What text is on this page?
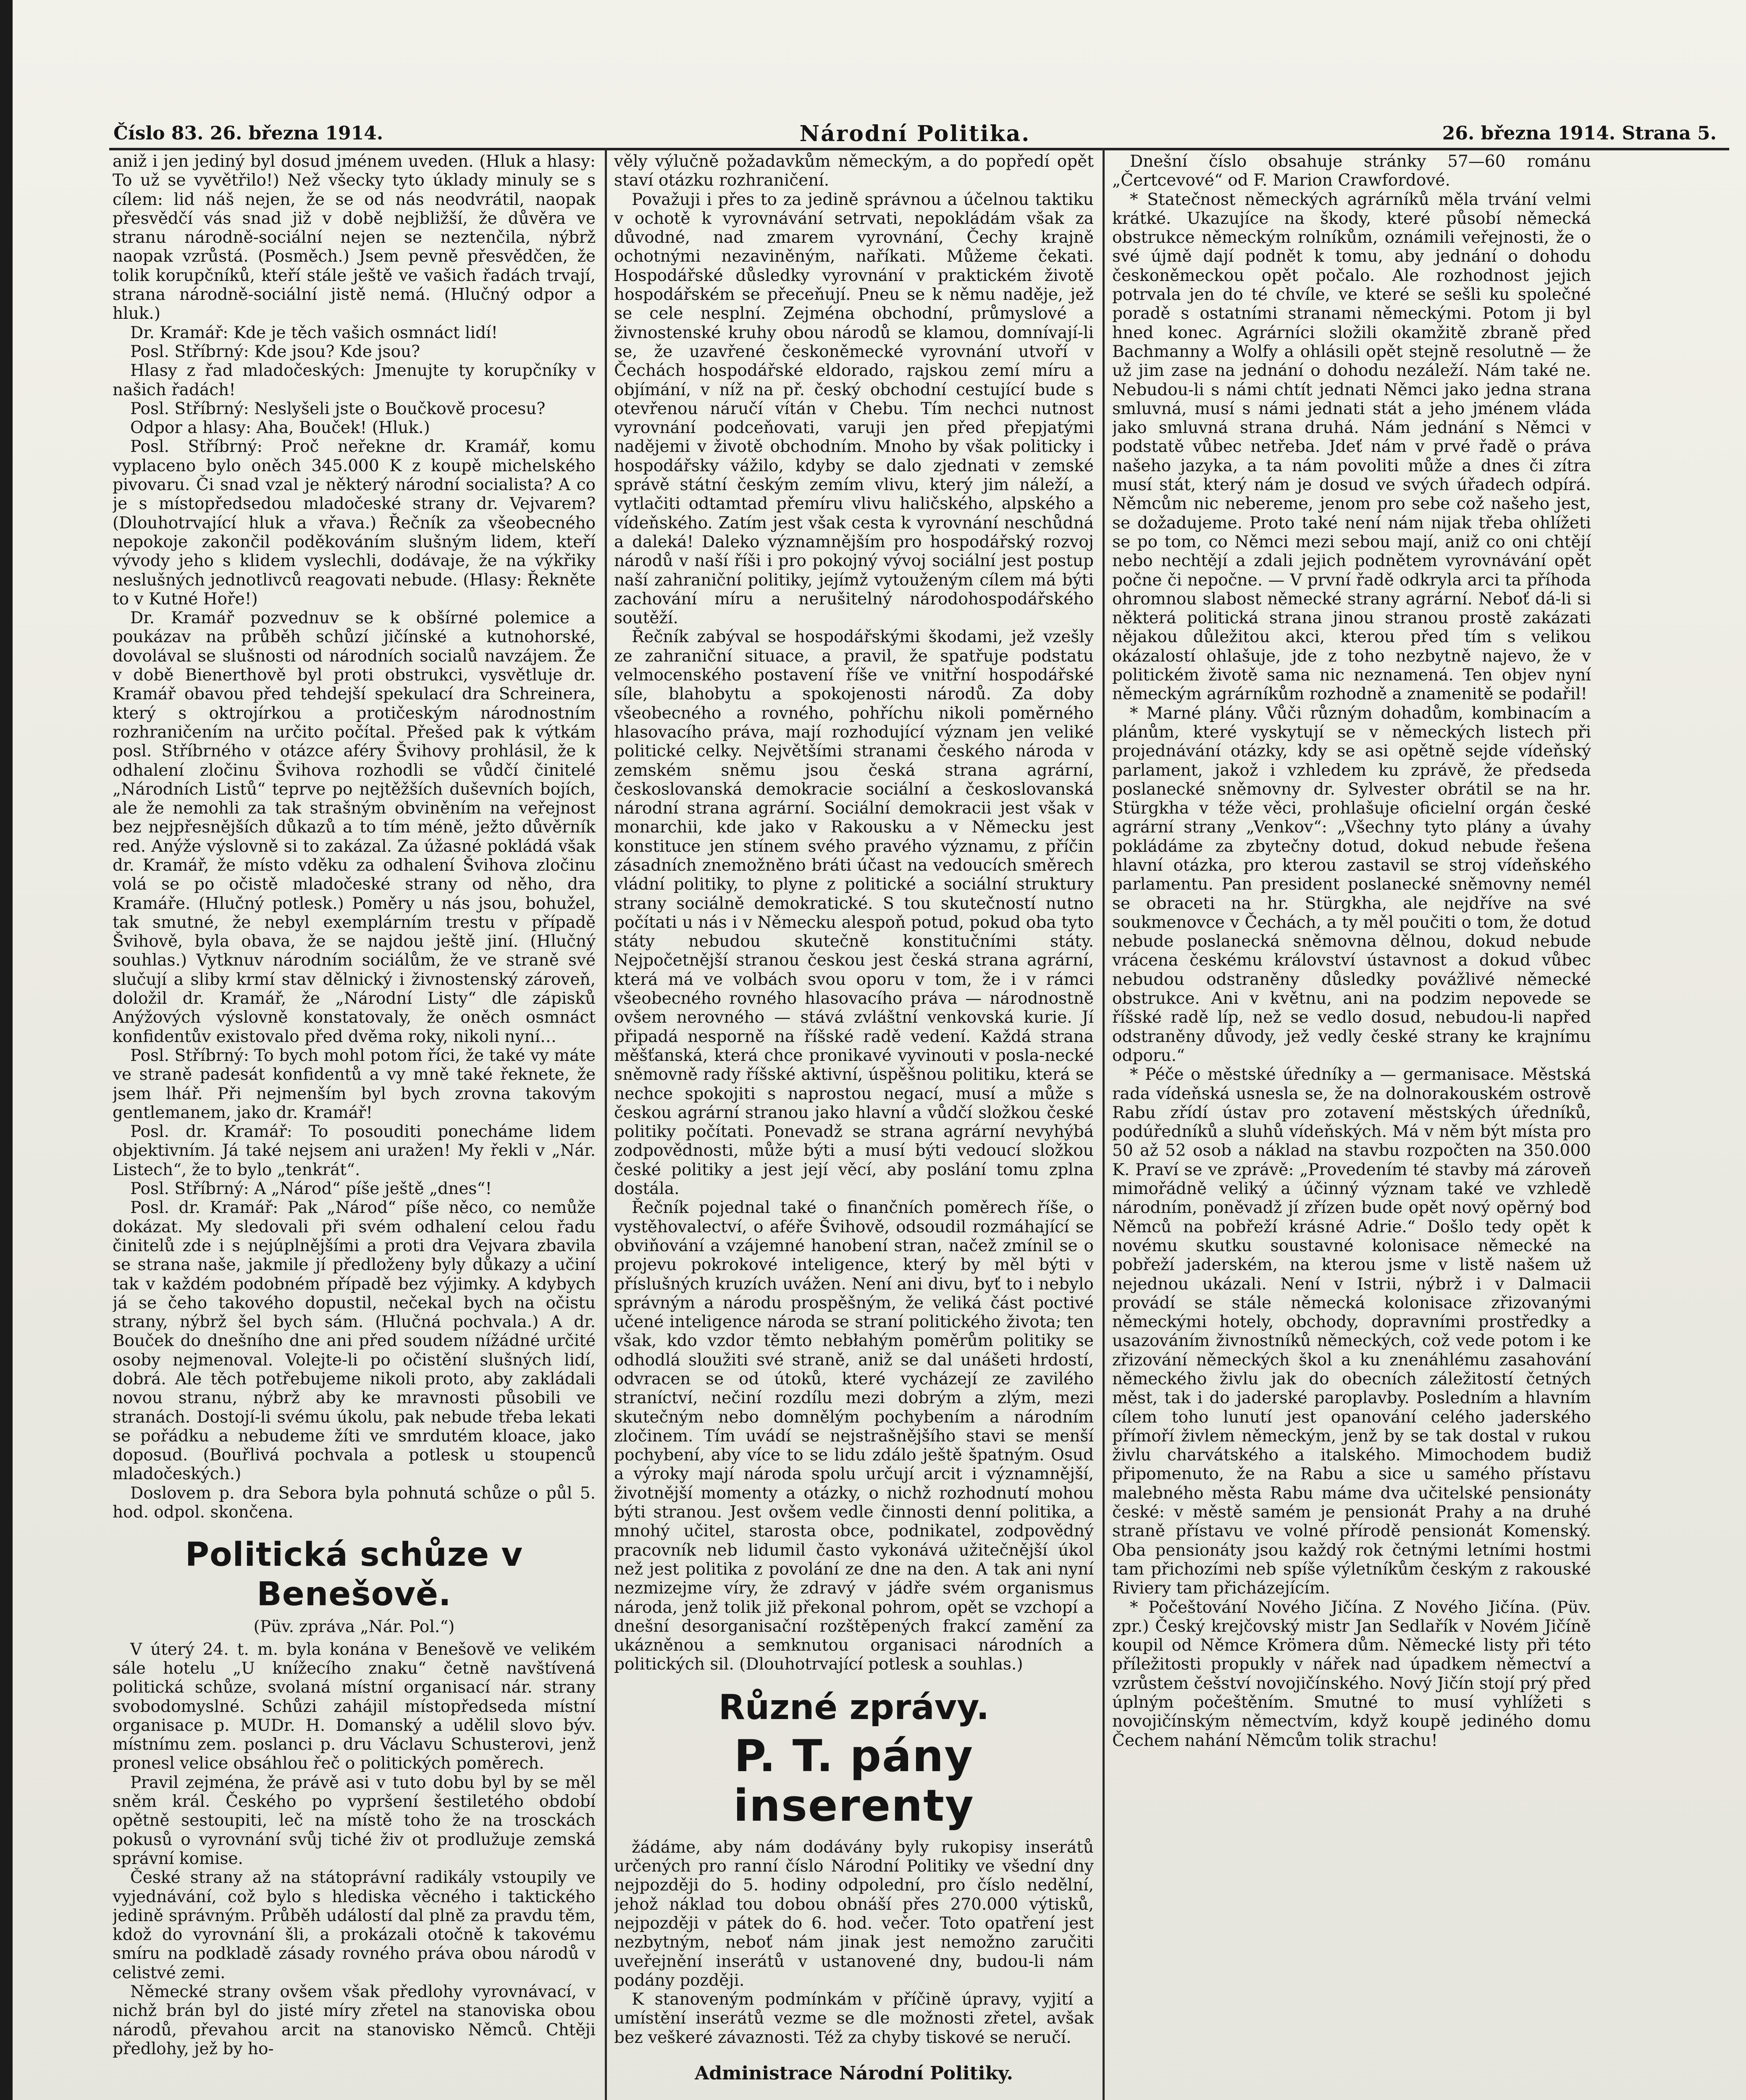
Číslo 83. 26. března 1914.	Národní Politika.	26. března 1914. Strana 5.

aniž i jen jediný byl dosud jménem uveden. (Hluk a hlasy: To už se vyvětřilo!) Než všecky tyto úklady minuly se s cílem: lid náš nejen, že se od nás neodvrátil, naopak přesvědčí vás snad již v době nejbližší, že důvěra ve stranu národně-sociální nejen se neztenčila, nýbrž naopak vzrůstá. (Posměch.) Jsem pevně přesvědčen, že tolik korupčníků, kteří stále ještě ve vašich řadách trvají, strana národně-sociální jistě nemá. (Hlučný odpor a hluk.)

Dr. Kramář: Kde je těch vašich osmnáct lidí!

Posl. Stříbrný: Kde jsou? Kde jsou?

Hlasy z řad mladočeských: Jmenujte ty korupčníky v našich řadách!

Posl. Stříbrný: Neslyšeli jste o Boučkově procesu?

Odpor a hlasy: Aha, Bouček! (Hluk.)

Posl. Stříbrný: Proč neřekne dr. Kramář, komu vyplaceno bylo oněch 345.000 K z koupě michelského pivovaru. Či snad vzal je některý národní socialista? A co je s místopředsedou mladočeské strany dr. Vejvarem? (Dlouhotrvající hluk a vřava.) Řečník za všeobecného nepokoje zakončil poděkováním slušným lidem, kteří vývody jeho s klidem vyslechli, dodávaje, že na výkřiky neslušných jednotlivců reagovati nebude. (Hlasy: Řekněte to v Kutné Hoře!)

Dr. Kramář pozvednuv se k obšírné polemice a poukázav na průběh schůzí jičínské a kutnohorské, dovolával se slušnosti od národních socialů navzájem. Že v době Bienerthově byl proti obstrukci, vysvětluje dr. Kramář obavou před tehdejší spekulací dra Schreinera, který s oktrojírkou a protičeským národnostním rozhraničením na určito počítal. Přešed pak k výtkám posl. Stříbrného v otázce aféry Švihovy prohlásil, že k odhalení zločinu Švihova rozhodli se vůdčí činitelé „Národních Listů“ teprve po nejtěžších duševních bojích, ale že nemohli za tak strašným obviněním na veřejnost bez nejpřesnějších důkazů a to tím méně, ježto důvěrník red. Anýže výslovně si to zakázal. Za úžasné pokládá však dr. Kramář, že místo vděku za odhalení Švihova zločinu volá se po očistě mladočeské strany od něho, dra Kramáře. (Hlučný potlesk.) Poměry u nás jsou, bohužel, tak smutné, že nebyl exemplárním trestu v případě Švihově, byla obava, že se najdou ještě jiní. (Hlučný souhlas.) Vytknuv národním sociálům, že ve straně své slučují a sliby krmí stav dělnický i živnostenský zároveň, doložil dr. Kramář, že „Národní Listy“ dle zápisků Anýžových výslovně konstatovaly, že oněch osmnáct konfidentův existovalo před dvěma roky, nikoli nyní…

Posl. Stříbrný: To bych mohl potom říci, že také vy máte ve straně padesát konfidentů a vy mně také řeknete, že jsem lhář. Při nejmenším byl bych zrovna takovým gentlemanem, jako dr. Kramář!

Posl. dr. Kramář: To posouditi ponecháme lidem objektivním. Já také nejsem ani uražen! My řekli v „Nár. Listech“, že to bylo „tenkrát“.

Posl. Stříbrný: A „Národ“ píše ještě „dnes“!

Posl. dr. Kramář: Pak „Národ“ píše něco, co nemůže dokázat. My sledovali při svém odhalení celou řadu činitelů zde i s nejúplnějšími a proti dra Vejvara zbavila se strana naše, jakmile jí předloženy byly důkazy a učiní tak v každém podobném případě bez výjimky. A kdybych já se čeho takového dopustil, nečekal bych na očistu strany, nýbrž šel bych sám. (Hlučná pochvala.) A dr. Bouček do dnešního dne ani před soudem nížádné určité osoby nejmenoval. Volejte-li po očistění slušných lidí, dobrá. Ale těch potřebujeme nikoli proto, aby zakládali novou stranu, nýbrž aby ke mravnosti působili ve stranách. Dostojí-li svému úkolu, pak nebude třeba lekati se pořádku a nebudeme žíti ve smrdutém kloace, jako doposud. (Bouřlivá pochvala a potlesk u stoupenců mladočeských.)

Doslovem p. dra Sebora byla pohnutá schůze o půl 5. hod. odpol. skončena.

Politická schůze v Benešově.
(Püv. zpráva „Nár. Pol.“)

V úterý 24. t. m. byla konána v Benešově ve velikém sále hotelu „U knížecího znaku“ četně navštívená politická schůze, svolaná místní organisací nár. strany svobodomyslné. Schůzi zahájil místopředseda místní organisace p. MUDr. H. Domanský a udělil slovo býv. místnímu zem. poslanci p. dru Václavu Schusterovi, jenž pronesl velice obsáhlou řeč o politických poměrech.

Pravil zejména, že právě asi v tuto dobu byl by se měl sněm král. Českého po vypršení šestiletého období opětně sestoupiti, leč na místě toho že na trosckách pokusů o vyrovnání svůj tiché živ ot prodlužuje zemská správní komise.

České strany až na státoprávní radikály vstoupily ve vyjednávání, což bylo s hlediska věcného i taktického jedině správným. Průběh událostí dal plně za pravdu těm, kdož do vyrovnání šli, a prokázali otočně k takovému smíru na podkladě zásady rovného práva obou národů v celistvé zemi.

Německé strany ovšem však předlohy vyrovnávací, v nichž brán byl do jisté míry zřetel na stanoviska obou národů, převahou arcit na stanovisko Němců. Chtěji předlohy, jež by ho-

věly výlučně požadavkům německým, a do popředí opět staví otázku rozhraničení.

Považuji i přes to za jedině správnou a účelnou taktiku v ochotě k vyrovnávání setrvati, nepokládám však za důvodné, nad zmarem vyrovnání, Čechy krajně ochotnými nezaviněným, naříkati. Můžeme čekati. Hospodářské důsledky vyrovnání v praktickém životě hospodářském se přeceňují. Pneu se k němu naděje, jež se cele nesplní. Zejména obchodní, průmyslové a živnostenské kruhy obou národů se klamou, domnívají-li se, že uzavřené českoněmecké vyrovnání utvoří v Čechách hospodářské eldorado, rajskou zemí míru a objímání, v níž na př. český obchodní cestující bude s otevřenou náručí vítán v Chebu. Tím nechci nutnost vyrovnání podceňovati, varuji jen před přepjatými nadějemi v životě obchodním. Mnoho by však politicky i hospodářsky vážilo, kdyby se dalo zjednati v zemské správě státní českým zemím vlivu, který jim náleží, a vytlačiti odtamtad přemíru vlivu haličského, alpského a vídeňského. Zatím jest však cesta k vyrovnání neschůdná a daleká! Daleko významnějším pro hospodářský rozvoj národů v naší říši i pro pokojný vývoj sociální jest postup naší zahraniční politiky, jejímž vytouženým cílem má býti zachování míru a nerušitelný národohospodářského soutěží.

Řečník zabýval se hospodářskými škodami, jež vzešly ze zahraniční situace, a pravil, že spatřuje podstatu velmocenského postavení říše ve vnitřní hospodářské síle, blahobytu a spokojenosti národů. Za doby všeobecného a rovného, pohříchu nikoli poměrného hlasovacího práva, mají rozhodující význam jen veliké politické celky. Největšími stranami českého národa v zemském sněmu jsou česká strana agrární, českoslovanská demokracie sociální a českoslovanská národní strana agrární. Sociální demokracii jest však v monarchii, kde jako v Rakousku a v Německu jest konstituce jen stínem svého pravého významu, z příčin zásadních znemožněno bráti účast na vedoucích směrech vládní politiky, to plyne z politické a sociální struktury strany sociálně demokratické. S tou skutečností nutno počítati u nás i v Německu alespoň potud, pokud oba tyto státy nebudou skutečně konstitučními státy. Nejpočetnější stranou českou jest česká strana agrární, která má ve volbách svou oporu v tom, že i v rámci všeobecného rovného hlasovacího práva — národnostně ovšem nerovného — stává zvláštní venkovská kurie. Jí připadá nesporně na říšské radě vedení. Každá strana měšťanská, která chce pronikavé vyvinouti v posla-necké sněmovně rady říšské aktivní, úspěšnou politiku, která se nechce spokojiti s naprostou negací, musí a může s českou agrární stranou jako hlavní a vůdčí složkou české politiky počítati. Ponevadž se strana agrární nevyhýbá zodpovědnosti, může býti a musí býti vedoucí složkou české politiky a jest její věcí, aby poslání tomu zplna dostála.

Řečník pojednal také o finančních poměrech říše, o vystěhovalectví, o aféře Švihově, odsoudil rozmáhající se obviňování a vzájemné hanobení stran, načež zmínil se o projevu pokrokové inteligence, který by měl býti v příslušných kruzích uvážen. Není ani divu, byť to i nebylo správným a národu prospěšným, že veliká část poctivé učené inteligence národa se straní politického života; ten však, kdo vzdor těmto nebłahým poměrům politiky se odhodlá sloužiti své straně, aniž se dal unášeti hrdostí, odvracen se od útoků, které vycházejí ze zavilého straníctví, nečiní rozdílu mezi dobrým a zlým, mezi skutečným nebo domnělým pochybením a národním zločinem. Tím uvádí se nejstrašnějšího stavi se menší pochybení, aby více to se lidu zdálo ještě špatným. Osud a výroky mají národa spolu určují arcit i významnější, životnější momenty a otázky, o nichž rozhodnutí mohou býti stranou. Jest ovšem vedle činnosti denní politika, a mnohý učitel, starosta obce, podnikatel, zodpovědný pracovník neb lidumil často vykonává užitečnější úkol než jest politika z povolání ze dne na den. A tak ani nyní nezmizejme víry, že zdravý v jádře svém organismus národa, jenž tolik již překonal pohrom, opět se vzchopí a dnešní desorganisační rozštěpených frakcí zamění za ukázněnou a semknutou organisaci národních a politických sil. (Dlouhotrvající potlesk a souhlas.)

Různé zprávy.
P. T. pány inserenty

žádáme, aby nám dodávány byly rukopisy inserátů určených pro ranní číslo Národní Politiky ve všední dny nejpozději do 5. hodiny odpolední, pro číslo nedělní, jehož náklad tou dobou obnáší přes 270.000 výtisků, nejpozději v pátek do 6. hod. večer. Toto opatření jest nezbytným, neboť nám jinak jest nemožno zaručiti uveřejnění inserátů v ustanovené dny, budou-li nám podány později.

K stanoveným podmínkám v příčině úpravy, vyjití a umístění inserátů vezme se dle možnosti zřetel, avšak bez veškeré závaznosti. Též za chyby tiskové se neručí.

Administrace Národní Politiky.

Dnešní číslo obsahuje stránky 57—60 románu „Čertcevové“ od F. Marion Crawfordové.

* Statečnost německých agrárníků měla trvání velmi krátké. Ukazujíce na škody, které působí německá obstrukce německým rolníkům, oznámili veřejnosti, že o své újmě dají podnět k tomu, aby jednání o dohodu českoněmeckou opět počalo. Ale rozhodnost jejich potrvala jen do té chvíle, ve které se sešli ku společné poradě s ostatními stranami německými. Potom ji byl hned konec. Agrárníci složili okamžitě zbraně před Bachmanny a Wolfy a ohlásili opět stejně resolutně — že už jim zase na jednání o dohodu nezáleží. Nám také ne. Nebudou-li s námi chtít jednati Němci jako jedna strana smluvná, musí s námi jednati stát a jeho jménem vláda jako smluvná strana druhá. Nám jednání s Němci v podstatě vůbec netřeba. Jdeť nám v prvé řadě o práva našeho jazyka, a ta nám povoliti může a dnes či zítra musí stát, který nám je dosud ve svých úřadech odpírá. Němcům nic nebereme, jenom pro sebe což našeho jest, se dožadujeme. Proto také není nám nijak třeba ohlížeti se po tom, co Němci mezi sebou mají, aniž co oni chtějí nebo nechtějí a zdali jejich podnětem vyrovnávání opět počne či nepočne. — V první řadě odkryla arci ta příhoda ohromnou slabost německé strany agrární. Neboť dá-li si některá politická strana jinou stranou prostě zakázati nějakou důležitou akci, kterou před tím s velikou okázalostí ohlašuje, jde z toho nezbytně najevo, že v politickém životě sama nic neznamená. Ten objev nyní německým agrárníkům rozhodně a znamenitě se podařil!

* Marné plány. Vůči různým dohadům, kombinacím a plánům, které vyskytují se v německých listech při projednávání otázky, kdy se asi opětně sejde vídeňský parlament, jakož i vzhledem ku zprávě, že předseda poslanecké sněmovny dr. Sylvester obrátil se na hr. Stürgkha v téže věci, prohlašuje oficielní orgán české agrární strany „Venkov“: „Všechny tyto plány a úvahy pokládáme za zbytečny dotud, dokud nebude řešena hlavní otázka, pro kterou zastavil se stroj vídeňského parlamentu. Pan president poslanecké sněmovny nemél se obraceti na hr. Stürgkha, ale nejdříve na své soukmenovce v Čechách, a ty měl poučiti o tom, že dotud nebude poslanecká sněmovna dělnou, dokud nebude vrácena českému království ústavnost a dokud vůbec nebudou odstraněny důsledky povážlivé německé obstrukce. Ani v květnu, ani na podzim nepovede se říšské radě líp, než se vedlo dosud, nebudou-li napřed odstraněny důvody, jež vedly české strany ke krajnímu odporu.“

* Péče o městské úředníky a — germanisace. Městská rada vídeňská usnesla se, že na dolnorakouském ostrově Rabu zřídí ústav pro zotavení městských úředníků, podúředníků a sluhů vídeňských. Má v něm být místa pro 50 až 52 osob a náklad na stavbu rozpočten na 350.000 K. Praví se ve zprávě: „Provedením té stavby má zároveň mimořádně veliký a účinný význam také ve vzhledě národním, poněvadž jí zřízen bude opět nový opěrný bod Němců na pobřeží krásné Adrie.“ Došlo tedy opět k novému skutku soustavné kolonisace německé na pobřeží jaderském, na kterou jsme v listě našem už nejednou ukázali. Není v Istrii, nýbrž i v Dalmacii provádí se stále německá kolonisace zřizovanými německými hotely, obchody, dopravními prostředky a usazováním živnostníků německých, což vede potom i ke zřizování německých škol a ku znenáhlému zasahování německého živlu jak do obecních záležitostí četných měst, tak i do jaderské paroplavby. Posledním a hlavním cílem toho lunutí jest opanování celého jaderského přímoří živlem německým, jenž by se tak dostal v rukou živlu charvátského a italského. Mimochodem budiž připomenuto, že na Rabu a sice u samého přístavu malebného města Rabu máme dva učitelské pensionáty české: v městě samém je pensionát Prahy a na druhé straně přístavu ve volné přírodě pensionát Komenský. Oba pensionáty jsou každý rok četnými letními hostmi tam přichozími neb spíše výletníkům českým z rakouské Riviery tam přicházejícím.

* Počeštování Nového Jičína. Z Nového Jičína. (Püv. zpr.) Český krejčovský mistr Jan Sedlařík v Novém Jičíně koupil od Němce Krömera dům. Německé listy při této příležitosti propukly v nářek nad úpadkem němectví a vzrůstem češství novojičínského. Nový Jičín stojí prý před úplným počeštěním. Smutné to musí vyhlížeti s novojičínským němectvím, když koupě jediného domu Čechem nahání Němcům tolik strachu!
